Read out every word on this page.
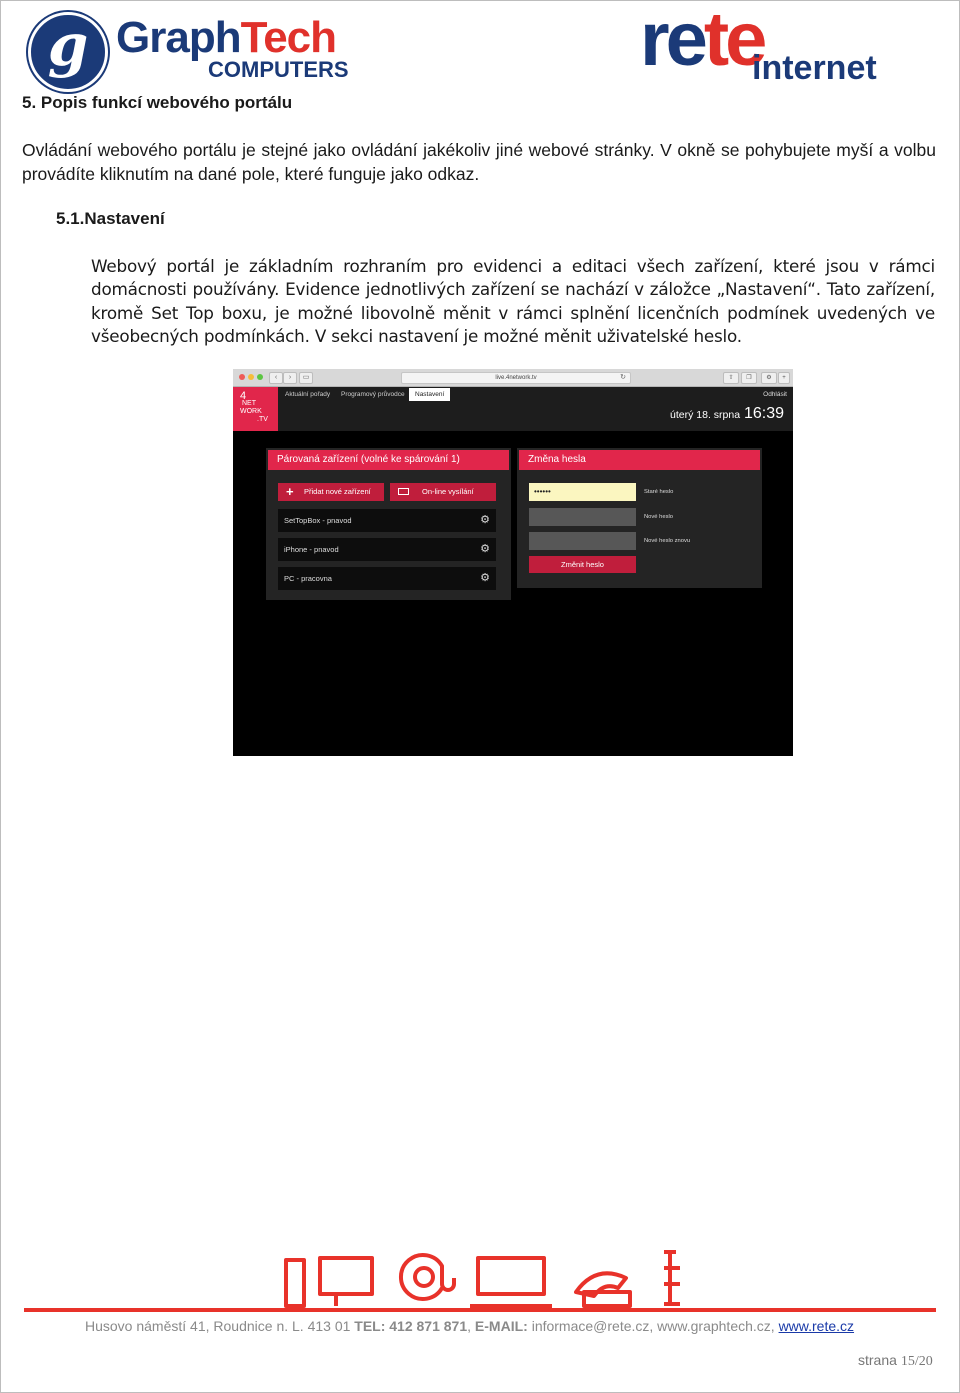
g GraphTech
COMPUTERS	rete
internet
5. Popis funkcí webového portálu
Ovládání webového portálu je stejné jako ovládání jakékoliv jiné webové stránky. V okně se pohybujete myší a volbu provádíte kliknutím na dané pole, které funguje jako odkaz.
5.1.Nastavení
Webový portál je základním rozhraním pro evidenci a editaci všech zařízení, které jsou v rámci domácnosti používány. Evidence jednotlivých zařízení se nachází v záložce „Nastavení“. Tato zařízení, kromě Set Top boxu, je možné libovolně měnit v rámci splnění licenčních podmínek uvedených ve všeobecných podmínkách. V sekci nastavení je možné měnit uživatelské heslo.
‹	›	▭	live.4network.tv	↻	⇧	❐	⚙	+
4
NET
WORK
.TV
Aktuální pořady Programový průvodce	Nastavení	Odhlásit
úterý 18. srpna 16:39
Párovaná zařízení (volné ke spárování 1)
+ Přidat nové zařízení	On-line vysílání
SetTopBox - pnavod	⚙
iPhone - pnavod	⚙
PC - pracovna	⚙
Změna hesla
••••••	Staré heslo
Nové heslo
Nové heslo znovu
Změnit heslo
Husovo náměstí 41, Roudnice n. L. 413 01 TEL: 412 871 871, E-MAIL: informace@rete.cz, www.graphtech.cz, www.rete.cz
strana 15/20
